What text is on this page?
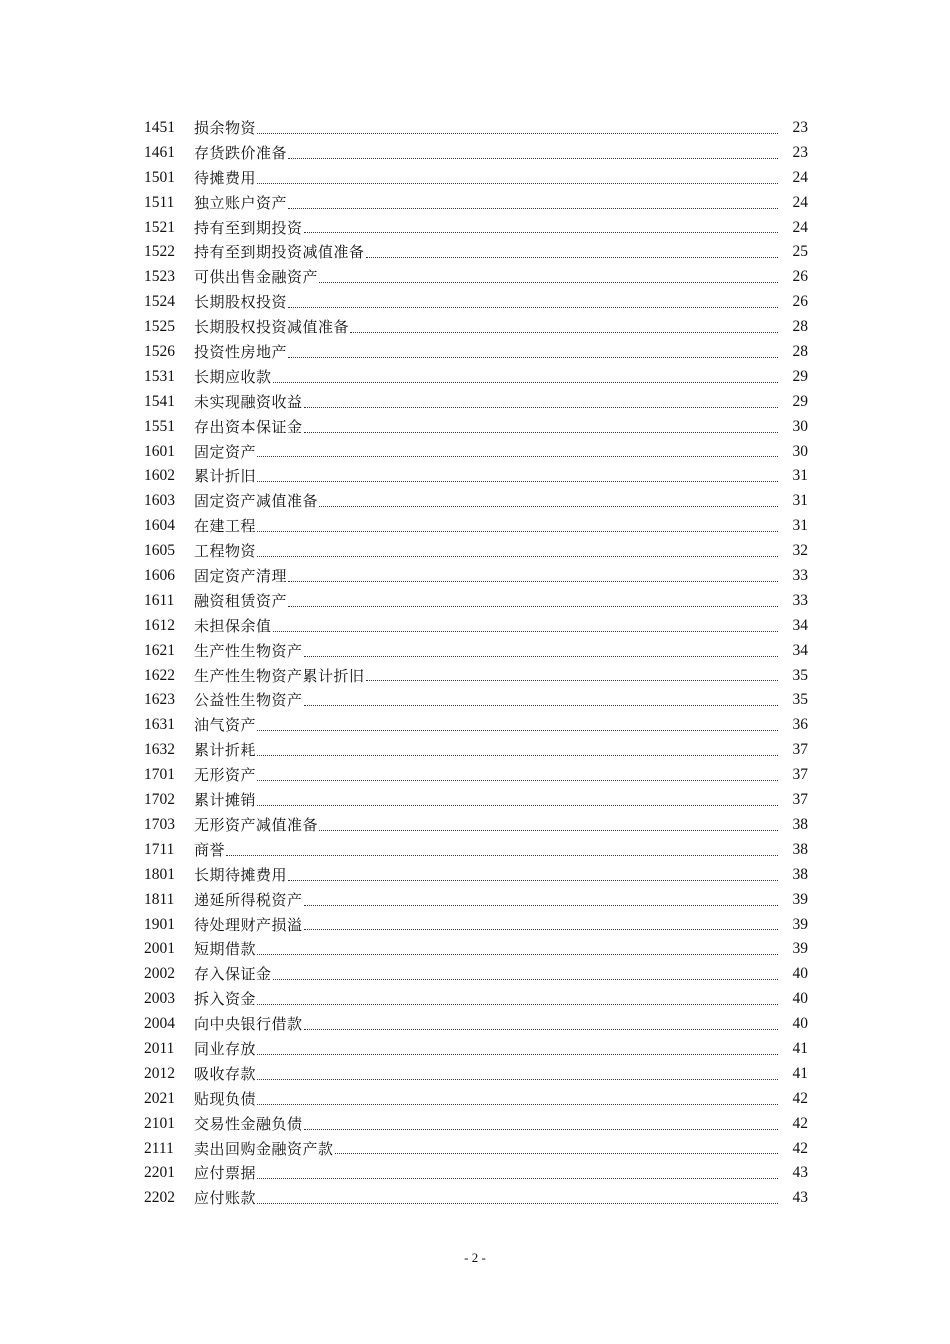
1451	损余物资	23
1461	存货跌价准备	23
1501	待摊费用	24
1511	独立账户资产	24
1521	持有至到期投资	24
1522	持有至到期投资减值准备	25
1523	可供出售金融资产	26
1524	长期股权投资	26
1525	长期股权投资减值准备	28
1526	投资性房地产	28
1531	长期应收款	29
1541	未实现融资收益	29
1551	存出资本保证金	30
1601	固定资产	30
1602	累计折旧	31
1603	固定资产减值准备	31
1604	在建工程	31
1605	工程物资	32
1606	固定资产清理	33
1611	融资租赁资产	33
1612	未担保余值	34
1621	生产性生物资产	34
1622	生产性生物资产累计折旧	35
1623	公益性生物资产	35
1631	油气资产	36
1632	累计折耗	37
1701	无形资产	37
1702	累计摊销	37
1703	无形资产减值准备	38
1711	商誉	38
1801	长期待摊费用	38
1811	递延所得税资产	39
1901	待处理财产损溢	39
2001	短期借款	39
2002	存入保证金	40
2003	拆入资金	40
2004	向中央银行借款	40
2011	同业存放	41
2012	吸收存款	41
2021	贴现负债	42
2101	交易性金融负债	42
2111	卖出回购金融资产款	42
2201	应付票据	43
2202	应付账款	43
- 2 -
